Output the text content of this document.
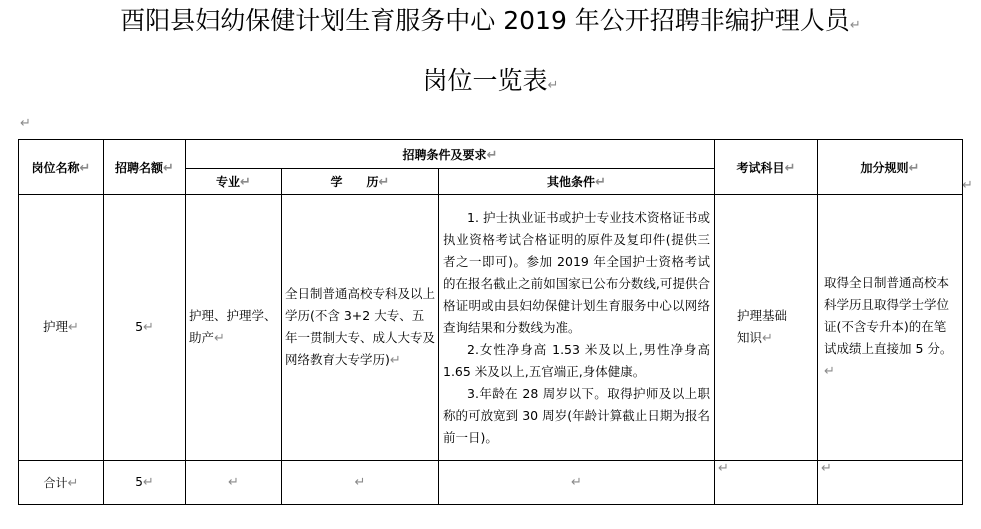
酉阳县妇幼保健计划生育服务中心 2019 年公开招聘非编护理人员↵
岗位一览表↵
↵
↵
岗位名称↵	招聘名额↵	招聘条件及要求↵			考试科目↵	加分规则↵
		专业↵	学　　历↵	其他条件↵		
护理↵	5↵	护理、护理学、助产↵	全日制普通高校专科及以上学历(不含 3+2 大专、五年一贯制大专、成人大专及网络教育大专学历)↵	1. 护士执业证书或护士专业技术资格证书或执业资格考试合格证明的原件及复印件(提供三者之一即可)。参加 2019 年全国护士资格考试的在报名截止之前如国家已公布分数线,可提供合格证明或由县妇幼保健计划生育服务中心以网络查询结果和分数线为准。

2.女性净身高 1.53 米及以上,男性净身高 1.65 米及以上,五官端正,身体健康。

3.年龄在 28 周岁以下。取得护师及以上职称的可放宽到 30 周岁(年龄计算截止日期为报名前一日)。	护理基础知识↵	取得全日制普通高校本科学历且取得学士学位证(不含专升本)的在笔试成绩上直接加 5 分。↵
合计↵	5↵	↵	↵	↵	↵	↵
